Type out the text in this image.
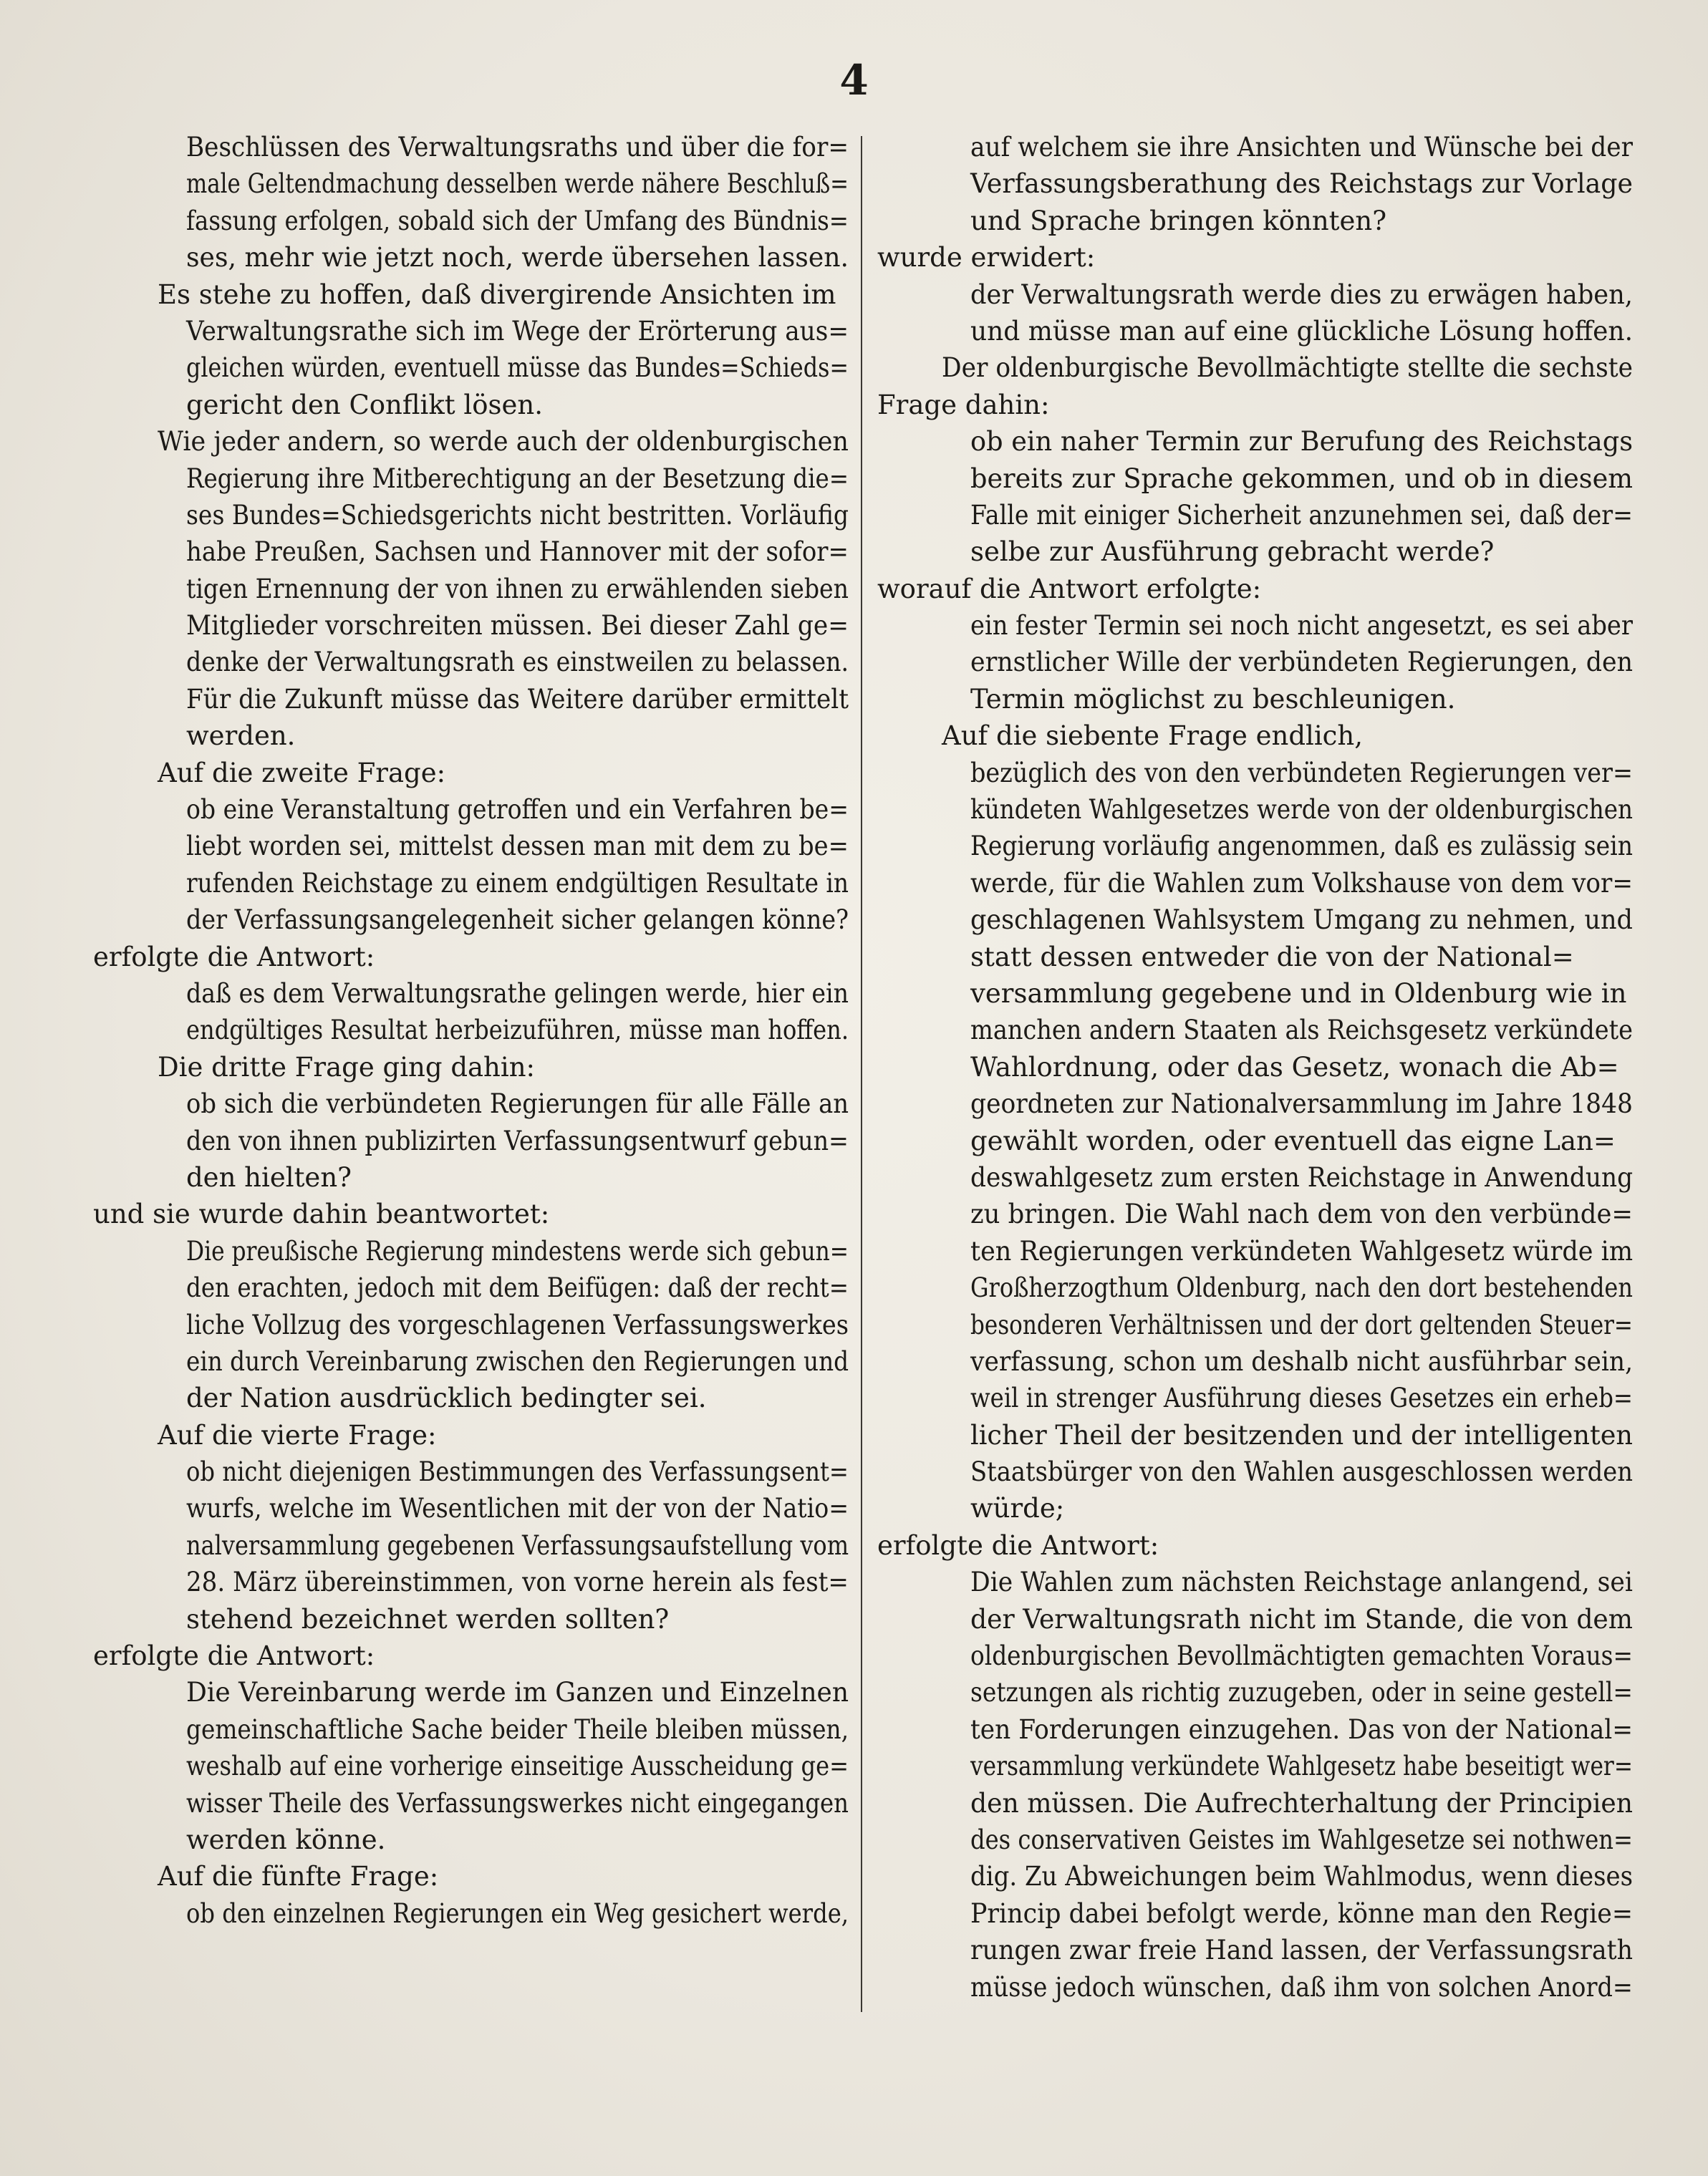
4
Beschlüssen des Verwaltungsraths und über die for=
male Geltendmachung desselben werde nähere Beschluß=
fassung erfolgen, sobald sich der Umfang des Bündnis=
ses, mehr wie jetzt noch, werde übersehen lassen.
Es stehe zu hoffen, daß divergirende Ansichten im
Verwaltungsrathe sich im Wege der Erörterung aus=
gleichen würden, eventuell müsse das Bundes=Schieds=
gericht den Conflikt lösen.
Wie jeder andern, so werde auch der oldenburgischen
Regierung ihre Mitberechtigung an der Besetzung die=
ses Bundes=Schiedsgerichts nicht bestritten. Vorläufig
habe Preußen, Sachsen und Hannover mit der sofor=
tigen Ernennung der von ihnen zu erwählenden sieben
Mitglieder vorschreiten müssen. Bei dieser Zahl ge=
denke der Verwaltungsrath es einstweilen zu belassen.
Für die Zukunft müsse das Weitere darüber ermittelt
werden.
Auf die zweite Frage:
ob eine Veranstaltung getroffen und ein Verfahren be=
liebt worden sei, mittelst dessen man mit dem zu be=
rufenden Reichstage zu einem endgültigen Resultate in
der Verfassungsangelegenheit sicher gelangen könne?
erfolgte die Antwort:
daß es dem Verwaltungsrathe gelingen werde, hier ein
endgültiges Resultat herbeizuführen, müsse man hoffen.
Die dritte Frage ging dahin:
ob sich die verbündeten Regierungen für alle Fälle an
den von ihnen publizirten Verfassungsentwurf gebun=
den hielten?
und sie wurde dahin beantwortet:
Die preußische Regierung mindestens werde sich gebun=
den erachten, jedoch mit dem Beifügen: daß der recht=
liche Vollzug des vorgeschlagenen Verfassungswerkes
ein durch Vereinbarung zwischen den Regierungen und
der Nation ausdrücklich bedingter sei.
Auf die vierte Frage:
ob nicht diejenigen Bestimmungen des Verfassungsent=
wurfs, welche im Wesentlichen mit der von der Natio=
nalversammlung gegebenen Verfassungsaufstellung vom
28. März übereinstimmen, von vorne herein als fest=
stehend bezeichnet werden sollten?
erfolgte die Antwort:
Die Vereinbarung werde im Ganzen und Einzelnen
gemeinschaftliche Sache beider Theile bleiben müssen,
weshalb auf eine vorherige einseitige Ausscheidung ge=
wisser Theile des Verfassungswerkes nicht eingegangen
werden könne.
Auf die fünfte Frage:
ob den einzelnen Regierungen ein Weg gesichert werde,
auf welchem sie ihre Ansichten und Wünsche bei der
Verfassungsberathung des Reichstags zur Vorlage
und Sprache bringen könnten?
wurde erwidert:
der Verwaltungsrath werde dies zu erwägen haben,
und müsse man auf eine glückliche Lösung hoffen.
Der oldenburgische Bevollmächtigte stellte die sechste
Frage dahin:
ob ein naher Termin zur Berufung des Reichstags
bereits zur Sprache gekommen, und ob in diesem
Falle mit einiger Sicherheit anzunehmen sei, daß der=
selbe zur Ausführung gebracht werde?
worauf die Antwort erfolgte:
ein fester Termin sei noch nicht angesetzt, es sei aber
ernstlicher Wille der verbündeten Regierungen, den
Termin möglichst zu beschleunigen.
Auf die siebente Frage endlich,
bezüglich des von den verbündeten Regierungen ver=
kündeten Wahlgesetzes werde von der oldenburgischen
Regierung vorläufig angenommen, daß es zulässig sein
werde, für die Wahlen zum Volkshause von dem vor=
geschlagenen Wahlsystem Umgang zu nehmen, und
statt dessen entweder die von der National=
versammlung gegebene und in Oldenburg wie in
manchen andern Staaten als Reichsgesetz verkündete
Wahlordnung, oder das Gesetz, wonach die Ab=
geordneten zur Nationalversammlung im Jahre 1848
gewählt worden, oder eventuell das eigne Lan=
deswahlgesetz zum ersten Reichstage in Anwendung
zu bringen. Die Wahl nach dem von den verbünde=
ten Regierungen verkündeten Wahlgesetz würde im
Großherzogthum Oldenburg, nach den dort bestehenden
besonderen Verhältnissen und der dort geltenden Steuer=
verfassung, schon um deshalb nicht ausführbar sein,
weil in strenger Ausführung dieses Gesetzes ein erheb=
licher Theil der besitzenden und der intelligenten
Staatsbürger von den Wahlen ausgeschlossen werden
würde;
erfolgte die Antwort:
Die Wahlen zum nächsten Reichstage anlangend, sei
der Verwaltungsrath nicht im Stande, die von dem
oldenburgischen Bevollmächtigten gemachten Voraus=
setzungen als richtig zuzugeben, oder in seine gestell=
ten Forderungen einzugehen. Das von der National=
versammlung verkündete Wahlgesetz habe beseitigt wer=
den müssen. Die Aufrechterhaltung der Principien
des conservativen Geistes im Wahlgesetze sei nothwen=
dig. Zu Abweichungen beim Wahlmodus, wenn dieses
Princip dabei befolgt werde, könne man den Regie=
rungen zwar freie Hand lassen, der Verfassungsrath
müsse jedoch wünschen, daß ihm von solchen Anord=
